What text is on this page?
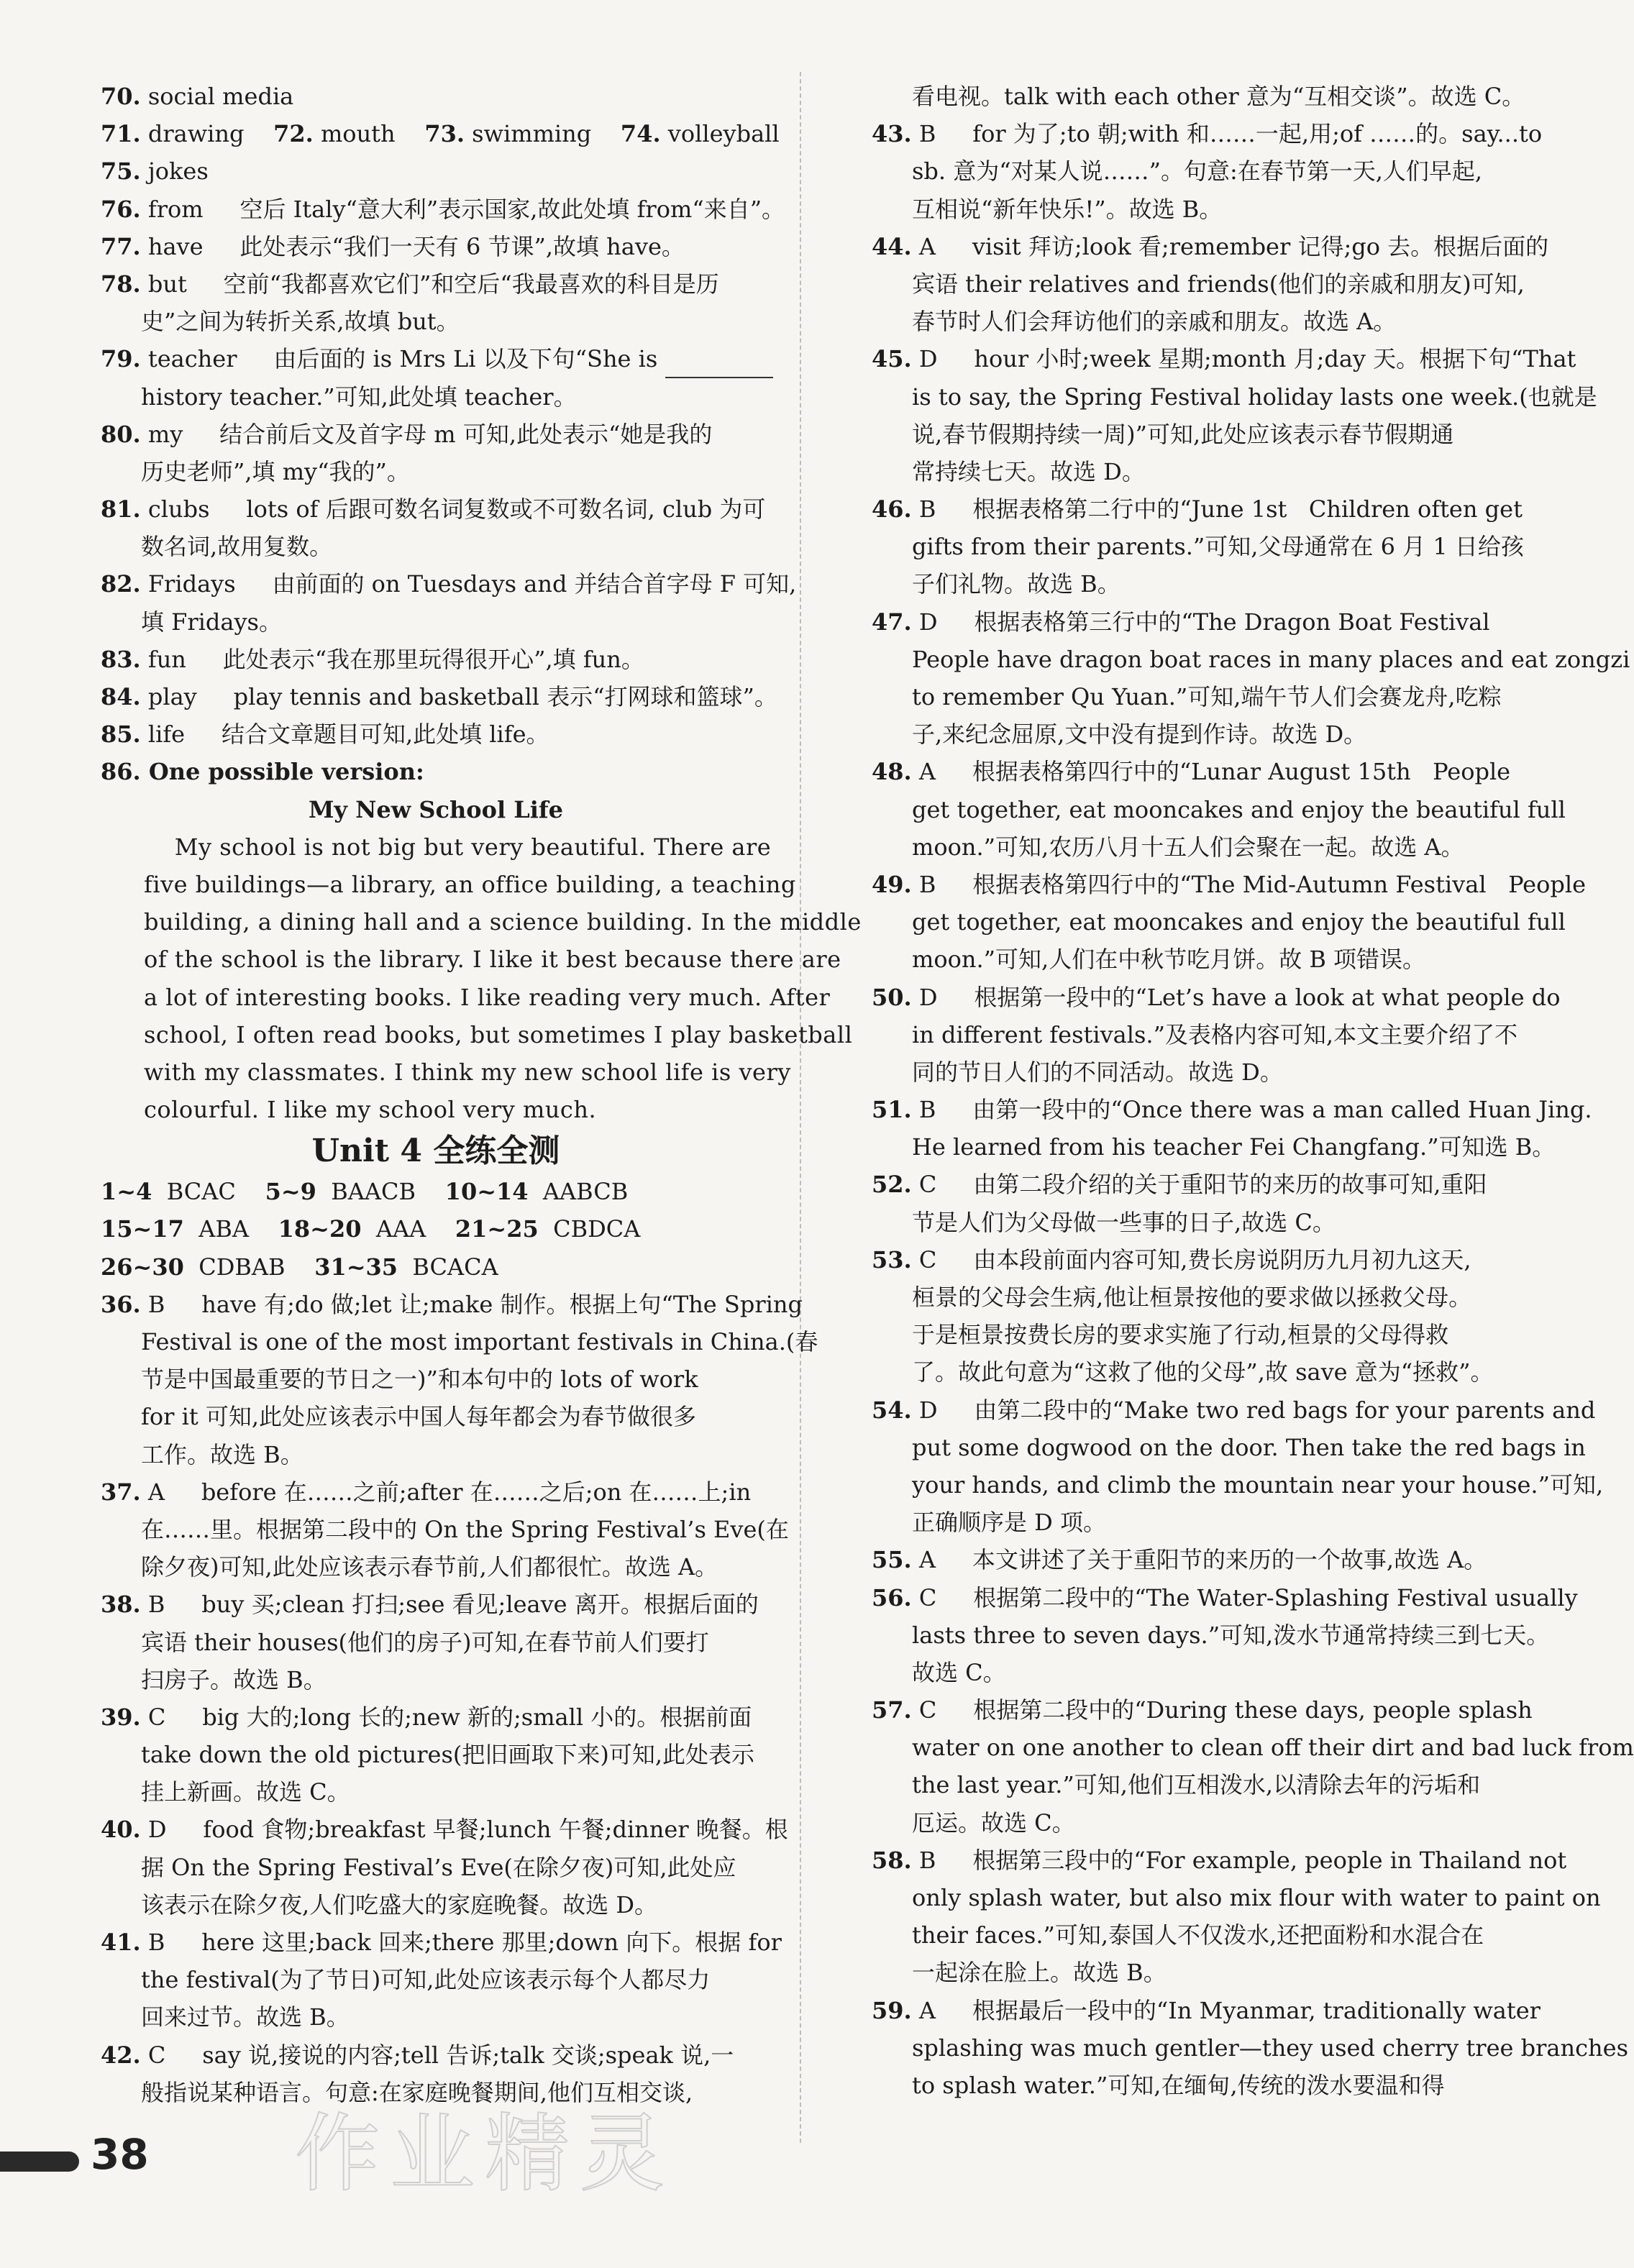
70. social media
71. drawing    72. mouth    73. swimming    74. volleyball
75. jokes
76. from     空后 Italy“意大利”表示国家,故此处填 from“来自”。
77. have     此处表示“我们一天有 6 节课”,故填 have。
78. but     空前“我都喜欢它们”和空后“我最喜欢的科目是历
史”之间为转折关系,故填 but。
79. teacher     由后面的 is Mrs Li 以及下句“She is
history teacher.”可知,此处填 teacher。
80. my     结合前后文及首字母 m 可知,此处表示“她是我的
历史老师”,填 my“我的”。
81. clubs     lots of 后跟可数名词复数或不可数名词, club 为可
数名词,故用复数。
82. Fridays     由前面的 on Tuesdays and 并结合首字母 F 可知,
填 Fridays。
83. fun     此处表示“我在那里玩得很开心”,填 fun。
84. play     play tennis and basketball 表示“打网球和篮球”。
85. life     结合文章题目可知,此处填 life。
86. One possible version:
My New School Life
My school is not big but very beautiful. There are
five buildings—a library, an office building, a teaching
building, a dining hall and a science building. In the middle
of the school is the library. I like it best because there are
a lot of interesting books. I like reading very much. After
school, I often read books, but sometimes I play basketball
with my classmates. I think my new school life is very
colourful. I like my school very much.
Unit 4 全练全测
1~4  BCAC    5~9  BAACB    10~14  AABCB
15~17  ABA    18~20  AAA    21~25  CBDCA
26~30  CDBAB    31~35  BCACA
36. B     have 有;do 做;let 让;make 制作。根据上句“The Spring
Festival is one of the most important festivals in China.(春
节是中国最重要的节日之一)”和本句中的 lots of work
for it 可知,此处应该表示中国人每年都会为春节做很多
工作。故选 B。
37. A     before 在……之前;after 在……之后;on 在……上;in
在……里。根据第二段中的 On the Spring Festival’s Eve(在
除夕夜)可知,此处应该表示春节前,人们都很忙。故选 A。
38. B     buy 买;clean 打扫;see 看见;leave 离开。根据后面的
宾语 their houses(他们的房子)可知,在春节前人们要打
扫房子。故选 B。
39. C     big 大的;long 长的;new 新的;small 小的。根据前面
take down the old pictures(把旧画取下来)可知,此处表示
挂上新画。故选 C。
40. D     food 食物;breakfast 早餐;lunch 午餐;dinner 晚餐。根
据 On the Spring Festival’s Eve(在除夕夜)可知,此处应
该表示在除夕夜,人们吃盛大的家庭晚餐。故选 D。
41. B     here 这里;back 回来;there 那里;down 向下。根据 for
the festival(为了节日)可知,此处应该表示每个人都尽力
回来过节。故选 B。
42. C     say 说,接说的内容;tell 告诉;talk 交谈;speak 说,一
般指说某种语言。句意:在家庭晚餐期间,他们互相交谈,
看电视。talk with each other 意为“互相交谈”。故选 C。
43. B     for 为了;to 朝;with 和……一起,用;of ……的。say...to
sb. 意为“对某人说……”。句意:在春节第一天,人们早起,
互相说“新年快乐!”。故选 B。
44. A     visit 拜访;look 看;remember 记得;go 去。根据后面的
宾语 their relatives and friends(他们的亲戚和朋友)可知,
春节时人们会拜访他们的亲戚和朋友。故选 A。
45. D     hour 小时;week 星期;month 月;day 天。根据下句“That
is to say, the Spring Festival holiday lasts one week.(也就是
说,春节假期持续一周)”可知,此处应该表示春节假期通
常持续七天。故选 D。
46. B     根据表格第二行中的“June 1st   Children often get
gifts from their parents.”可知,父母通常在 6 月 1 日给孩
子们礼物。故选 B。
47. D     根据表格第三行中的“The Dragon Boat Festival
People have dragon boat races in many places and eat zongzi
to remember Qu Yuan.”可知,端午节人们会赛龙舟,吃粽
子,来纪念屈原,文中没有提到作诗。故选 D。
48. A     根据表格第四行中的“Lunar August 15th   People
get together, eat mooncakes and enjoy the beautiful full
moon.”可知,农历八月十五人们会聚在一起。故选 A。
49. B     根据表格第四行中的“The Mid-Autumn Festival   People
get together, eat mooncakes and enjoy the beautiful full
moon.”可知,人们在中秋节吃月饼。故 B 项错误。
50. D     根据第一段中的“Let’s have a look at what people do
in different festivals.”及表格内容可知,本文主要介绍了不
同的节日人们的不同活动。故选 D。
51. B     由第一段中的“Once there was a man called Huan Jing.
He learned from his teacher Fei Changfang.”可知选 B。
52. C     由第二段介绍的关于重阳节的来历的故事可知,重阳
节是人们为父母做一些事的日子,故选 C。
53. C     由本段前面内容可知,费长房说阴历九月初九这天,
桓景的父母会生病,他让桓景按他的要求做以拯救父母。
于是桓景按费长房的要求实施了行动,桓景的父母得救
了。故此句意为“这救了他的父母”,故 save 意为“拯救”。
54. D     由第二段中的“Make two red bags for your parents and
put some dogwood on the door. Then take the red bags in
your hands, and climb the mountain near your house.”可知,
正确顺序是 D 项。
55. A     本文讲述了关于重阳节的来历的一个故事,故选 A。
56. C     根据第二段中的“The Water-Splashing Festival usually
lasts three to seven days.”可知,泼水节通常持续三到七天。
故选 C。
57. C     根据第二段中的“During these days, people splash
water on one another to clean off their dirt and bad luck from
the last year.”可知,他们互相泼水,以清除去年的污垢和
厄运。故选 C。
58. B     根据第三段中的“For example, people in Thailand not
only splash water, but also mix flour with water to paint on
their faces.”可知,泰国人不仅泼水,还把面粉和水混合在
一起涂在脸上。故选 B。
59. A     根据最后一段中的“In Myanmar, traditionally water
splashing was much gentler—they used cherry tree branches
to splash water.”可知,在缅甸,传统的泼水要温和得
作业精灵
38
